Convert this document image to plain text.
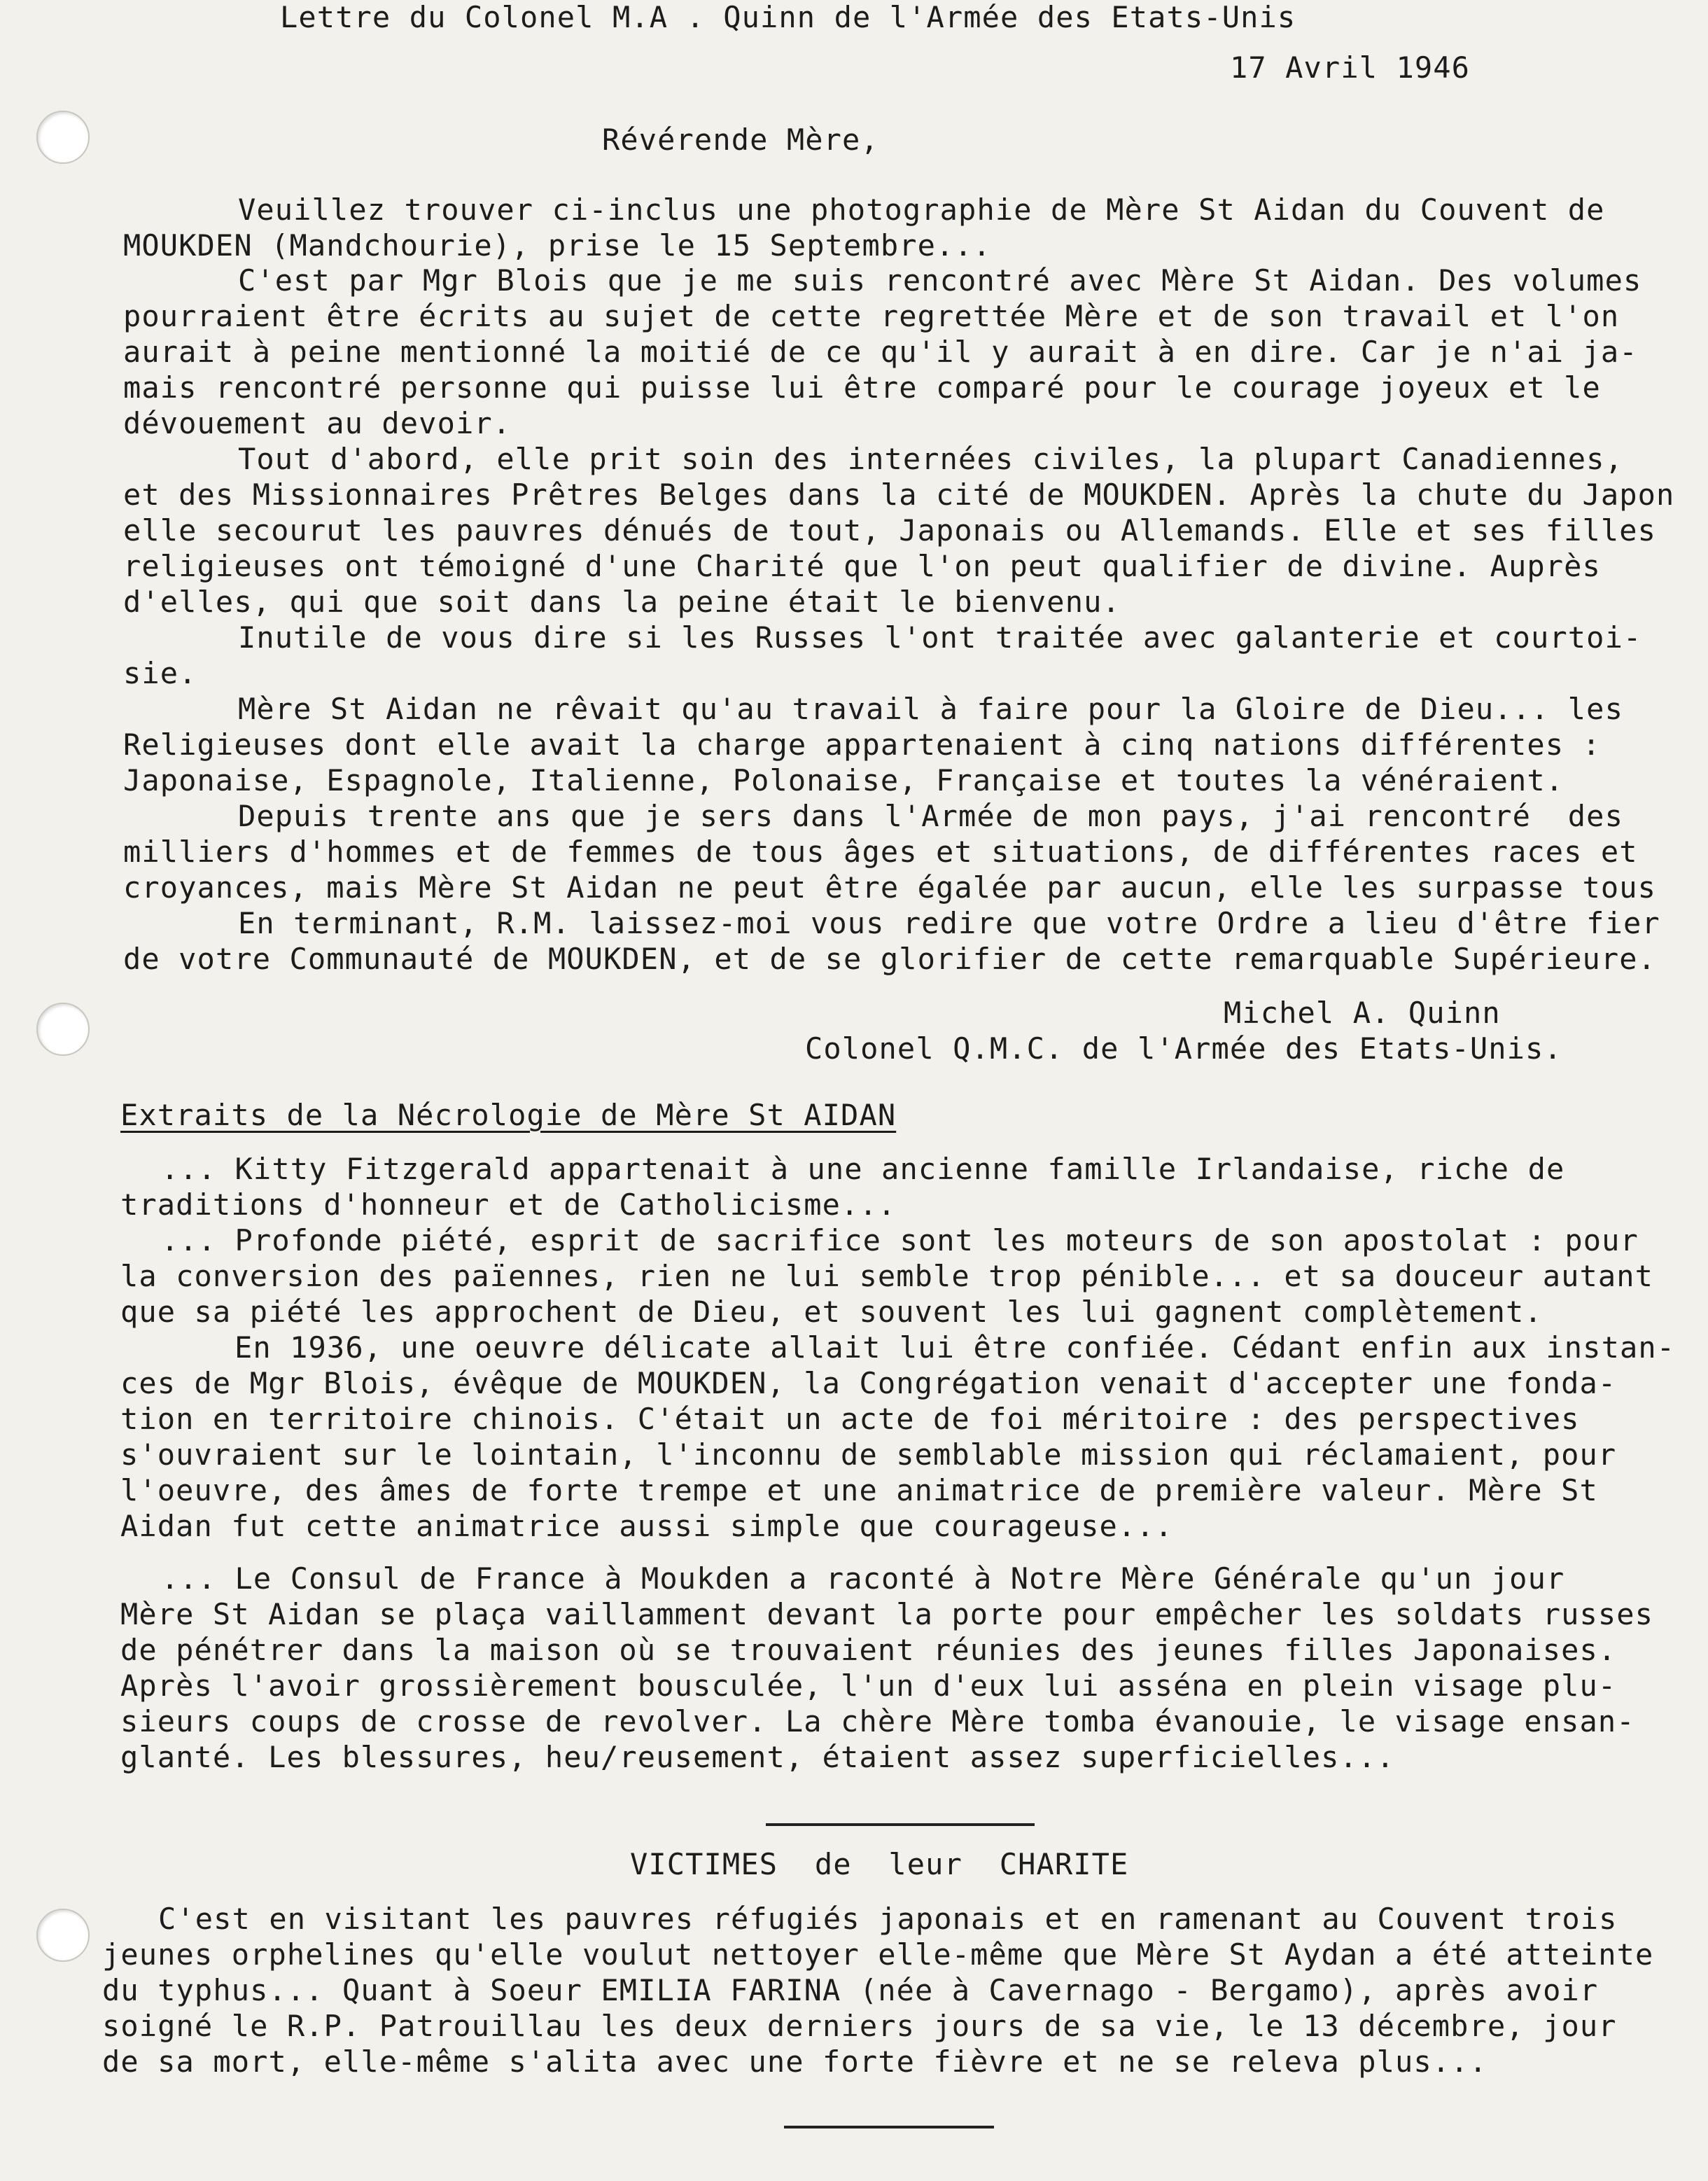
Lettre du Colonel M.A . Quinn de l'Armée des Etats-Unis
17 Avril 1946
Révérende Mère,
Veuillez trouver ci-inclus une photographie de Mère St Aidan du Couvent de
MOUKDEN (Mandchourie), prise le 15 Septembre...
C'est par Mgr Blois que je me suis rencontré avec Mère St Aidan. Des volumes
pourraient être écrits au sujet de cette regrettée Mère et de son travail et l'on
aurait à peine mentionné la moitié de ce qu'il y aurait à en dire. Car je n'ai ja-
mais rencontré personne qui puisse lui être comparé pour le courage joyeux et le
dévouement au devoir.
Tout d'abord, elle prit soin des internées civiles, la plupart Canadiennes,
et des Missionnaires Prêtres Belges dans la cité de MOUKDEN. Après la chute du Japon
elle secourut les pauvres dénués de tout, Japonais ou Allemands. Elle et ses filles
religieuses ont témoigné d'une Charité que l'on peut qualifier de divine. Auprès
d'elles, qui que soit dans la peine était le bienvenu.
Inutile de vous dire si les Russes l'ont traitée avec galanterie et courtoi-
sie.
Mère St Aidan ne rêvait qu'au travail à faire pour la Gloire de Dieu... les
Religieuses dont elle avait la charge appartenaient à cinq nations différentes :
Japonaise, Espagnole, Italienne, Polonaise, Française et toutes la vénéraient.
Depuis trente ans que je sers dans l'Armée de mon pays, j'ai rencontré  des
milliers d'hommes et de femmes de tous âges et situations, de différentes races et
croyances, mais Mère St Aidan ne peut être égalée par aucun, elle les surpasse tous
En terminant, R.M. laissez-moi vous redire que votre Ordre a lieu d'être fier
de votre Communauté de MOUKDEN, et de se glorifier de cette remarquable Supérieure.
Michel A. Quinn
Colonel Q.M.C. de l'Armée des Etats-Unis.
Extraits de la Nécrologie de Mère St AIDAN
... Kitty Fitzgerald appartenait à une ancienne famille Irlandaise, riche de
traditions d'honneur et de Catholicisme...
... Profonde piété, esprit de sacrifice sont les moteurs de son apostolat : pour
la conversion des païennes, rien ne lui semble trop pénible... et sa douceur autant
que sa piété les approchent de Dieu, et souvent les lui gagnent complètement.
En 1936, une oeuvre délicate allait lui être confiée. Cédant enfin aux instan-
ces de Mgr Blois, évêque de MOUKDEN, la Congrégation venait d'accepter une fonda-
tion en territoire chinois. C'était un acte de foi méritoire : des perspectives
s'ouvraient sur le lointain, l'inconnu de semblable mission qui réclamaient, pour
l'oeuvre, des âmes de forte trempe et une animatrice de première valeur. Mère St
Aidan fut cette animatrice aussi simple que courageuse...
... Le Consul de France à Moukden a raconté à Notre Mère Générale qu'un jour
Mère St Aidan se plaça vaillamment devant la porte pour empêcher les soldats russes
de pénétrer dans la maison où se trouvaient réunies des jeunes filles Japonaises.
Après l'avoir grossièrement bousculée, l'un d'eux lui asséna en plein visage plu-
sieurs coups de crosse de revolver. La chère Mère tomba évanouie, le visage ensan-
glanté. Les blessures, heu/reusement, étaient assez superficielles...
VICTIMES  de  leur  CHARITE
C'est en visitant les pauvres réfugiés japonais et en ramenant au Couvent trois
jeunes orphelines qu'elle voulut nettoyer elle-même que Mère St Aydan a été atteinte
du typhus... Quant à Soeur EMILIA FARINA (née à Cavernago - Bergamo), après avoir
soigné le R.P. Patrouillau les deux derniers jours de sa vie, le 13 décembre, jour
de sa mort, elle-même s'alita avec une forte fièvre et ne se releva plus...
